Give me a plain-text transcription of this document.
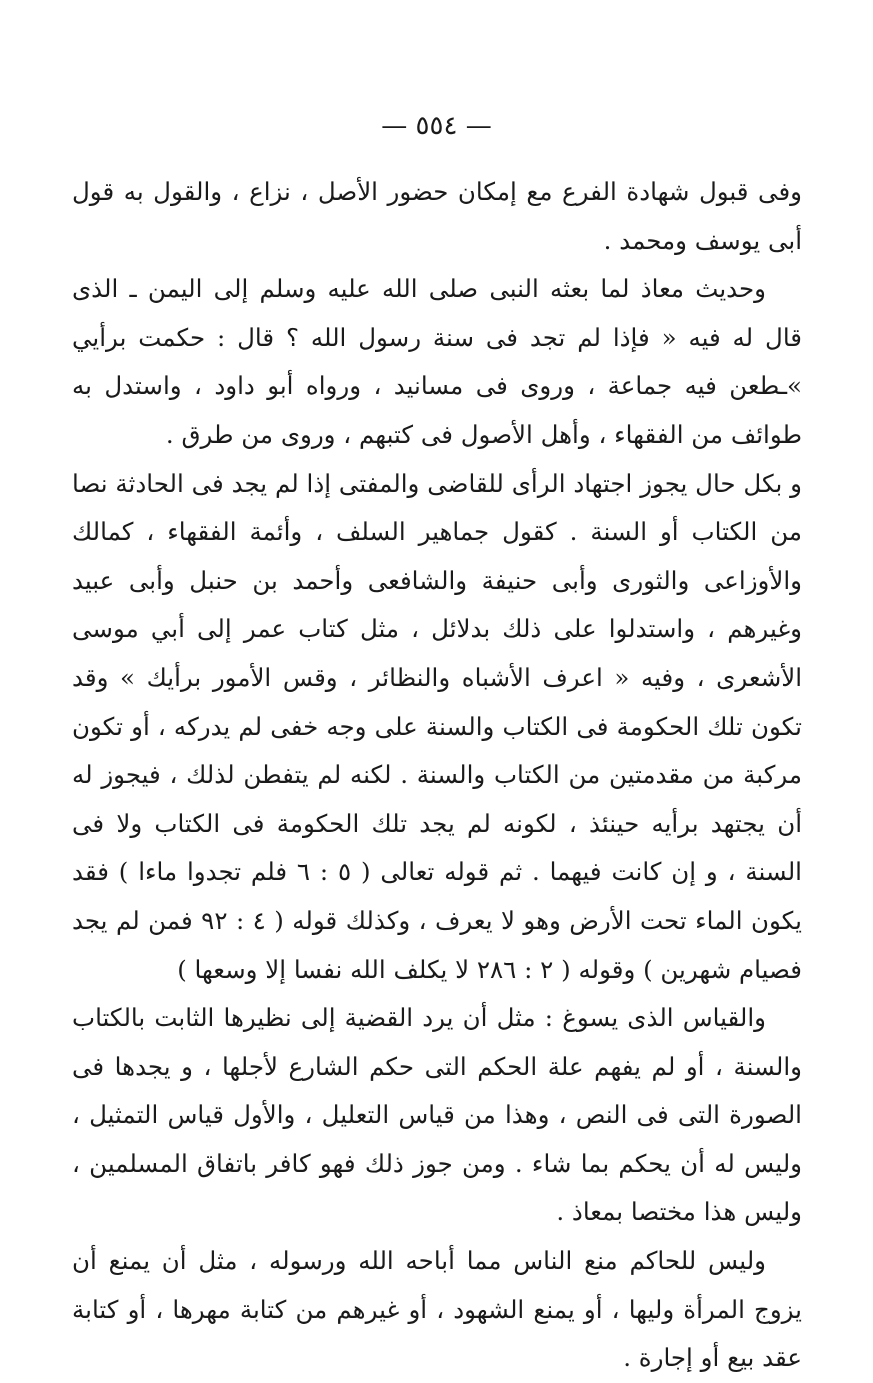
— ٥٥٤ —

وفى قبول شهادة الفرع مع إمكان حضور الأصل ، نزاع ، والقول به قول أبى يوسف ومحمد .

وحديث معاذ لما بعثه النبى صلى الله عليه وسلم إلى اليمن ـ الذى قال له فيه « فإذا لم تجد فى سنة رسول الله ؟ قال : حكمت برأيي »ـطعن فيه جماعة ، وروى فى مسانيد ، ورواه أبو داود ، واستدل به طوائف من الفقهاء ، وأهل الأصول فى كتبهم ، وروى من طرق .

و بكل حال يجوز اجتهاد الرأى للقاضى والمفتى إذا لم يجد فى الحادثة نصا من الكتاب أو السنة . كقول جماهير السلف ، وأئمة الفقهاء ، كمالك والأوزاعى والثورى وأبى حنيفة والشافعى وأحمد بن حنبل وأبى عبيد وغيرهم ، واستدلوا على ذلك بدلائل ، مثل كتاب عمر إلى أبي موسى الأشعرى ، وفيه « اعرف الأشباه والنظائر ، وقس الأمور برأيك » وقد تكون تلك الحكومة فى الكتاب والسنة على وجه خفى لم يدركه ، أو تكون مركبة من مقدمتين من الكتاب والسنة . لكنه لم يتفطن لذلك ، فيجوز له أن يجتهد برأيه حينئذ ، لكونه لم يجد تلك الحكومة فى الكتاب ولا فى السنة ، و إن كانت فيهما . ثم قوله تعالى ( ٥ : ٦ فلم تجدوا ماءا ) فقد يكون الماء تحت الأرض وهو لا يعرف ، وكذلك قوله ( ٤ : ٩٢ فمن لم يجد فصيام شهرين ) وقوله ( ٢ : ٢٨٦ لا يكلف الله نفسا إلا وسعها )

والقياس الذى يسوغ : مثل أن يرد القضية إلى نظيرها الثابت بالكتاب والسنة ، أو لم يفهم علة الحكم التى حكم الشارع لأجلها ، و يجدها فى الصورة التى فى النص ، وهذا من قياس التعليل ، والأول قياس التمثيل ، وليس له أن يحكم بما شاء . ومن جوز ذلك فهو كافر باتفاق المسلمين ، وليس هذا مختصا بمعاذ .

وليس للحاكم منع الناس مما أباحه الله ورسوله ، مثل أن يمنع أن يزوج المرأة وليها ، أو يمنع الشهود ، أو غيرهم من كتابة مهرها ، أو كتابة عقد بيع أو إجارة .
